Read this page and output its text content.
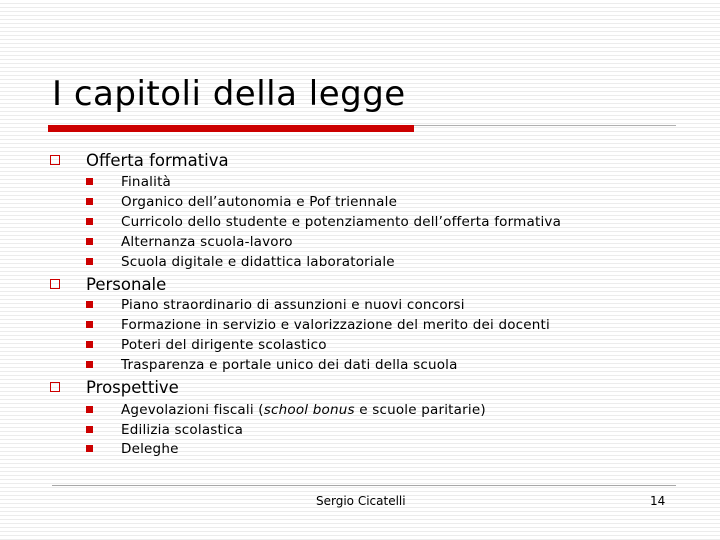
I capitoli della legge
Offerta formativa
Finalità
Organico dell’autonomia e Pof triennale
Curricolo dello studente e potenziamento dell’offerta formativa
Alternanza scuola-lavoro
Scuola digitale e didattica laboratoriale
Personale
Piano straordinario di assunzioni e nuovi concorsi
Formazione in servizio e valorizzazione del merito dei docenti
Poteri del dirigente scolastico
Trasparenza e portale unico dei dati della scuola
Prospettive
Agevolazioni fiscali (school bonus e scuole paritarie)
Edilizia scolastica
Deleghe
Sergio Cicatelli	14
